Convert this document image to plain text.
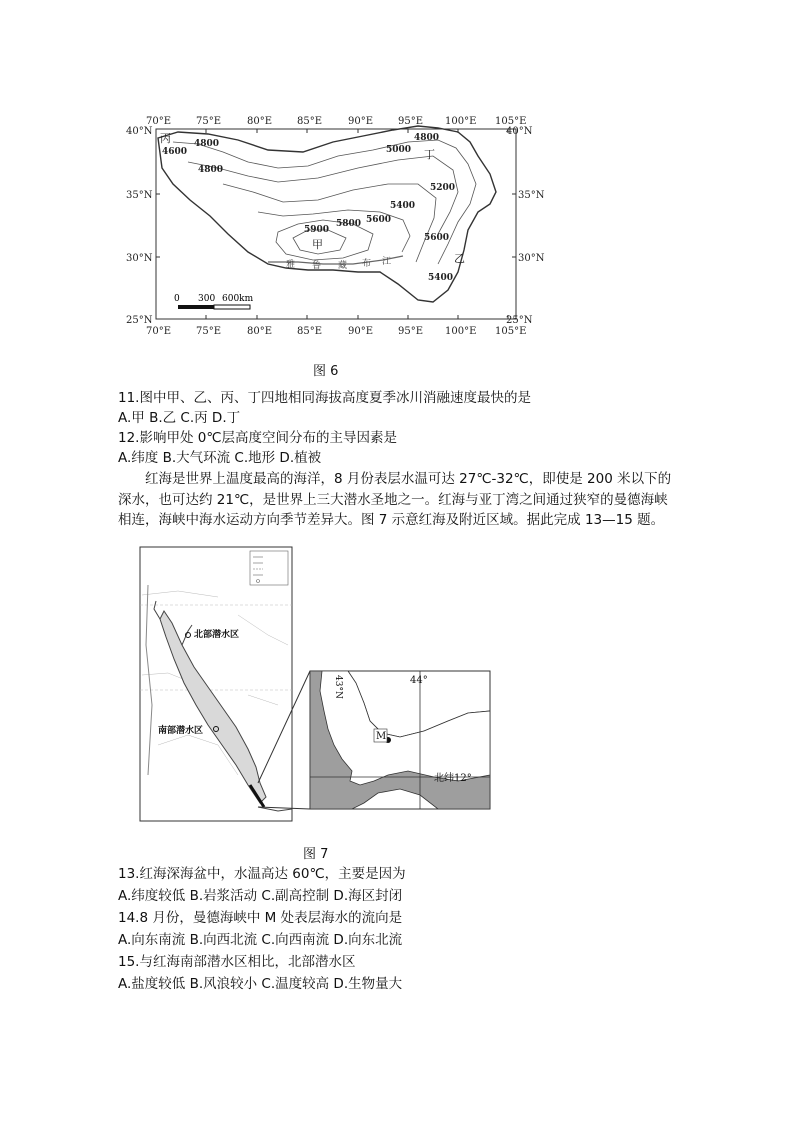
70°E 75°E	80°E 85°E	90°E 95°E 100°E 105°E
70°E 75°E	80°E 85°E	90°E 95°E 100°E 105°E
40°N
35°N
30°N
25°N
40°N
35°N
30°N
25°N
4600
4800
4800
5000
4800
5200
5400
5600
5800
5900
5600
5400
甲
乙
丙
丁
雅 鲁 藏 布 江
0 300 600km
图 6
11.图中甲、乙、丙、丁四地相同海拔高度夏季冰川消融速度最快的是
A.甲 B.乙 C.丙 D.丁
12.影响甲处 0℃层高度空间分布的主导因素是
A.纬度 B.大气环流 C.地形 D.植被
红海是世界上温度最高的海洋，8 月份表层水温可达 27℃-32℃，即使是 200 米以下的深水，也可达约 21℃，是世界上三大潜水圣地之一。红海与亚丁湾之间通过狭窄的曼德海峡相连，海峡中海水运动方向季节差异大。图 7 示意红海及附近区域。据此完成 13—15 题。
北部潜水区
南部潜水区	M
44°
北纬12°
43°N
图 7
13.红海深海盆中，水温高达 60℃，主要是因为
A.纬度较低 B.岩浆活动 C.副高控制 D.海区封闭
14.8 月份，曼德海峡中 M 处表层海水的流向是
A.向东南流 B.向西北流 C.向西南流 D.向东北流
15.与红海南部潜水区相比，北部潜水区
A.盐度较低 B.风浪较小 C.温度较高 D.生物量大
